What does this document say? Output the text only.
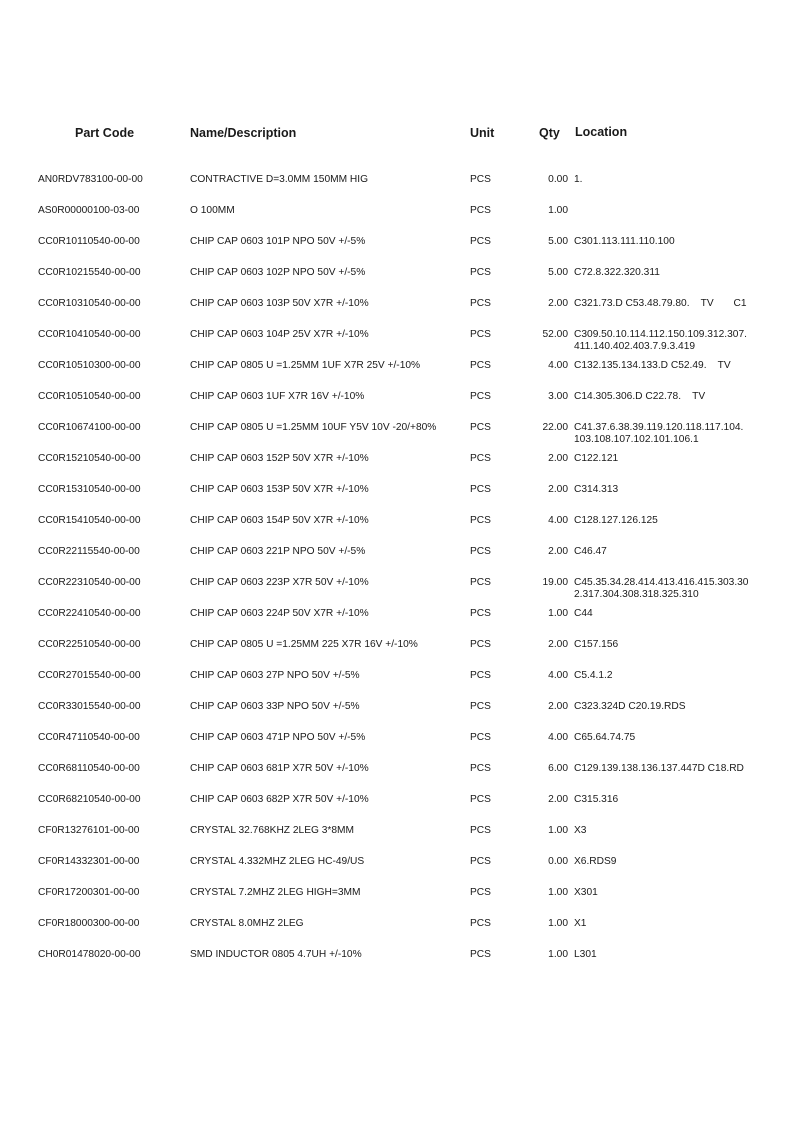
Part Code	Name/Description	Unit	Qty Location
AN0RDV783100-00-00	CONTRACTIVE D=3.0MM 150MM HIG	PCS	0.00 1.
AS0R00000100-03-00	O 100MM	PCS	1.00
CC0R10110540-00-00	CHIP CAP 0603 101P NPO 50V +/-5%	PCS	5.00 C301.113.111.110.100
CC0R10215540-00-00	CHIP CAP 0603 102P NPO 50V +/-5%	PCS	5.00 C72.8.322.320.311
CC0R10310540-00-00	CHIP CAP 0603 103P 50V X7R +/-10%	PCS	2.00 C321.73.D C53.48.79.80.    TV       C1
CC0R10410540-00-00	CHIP CAP 0603 104P 25V X7R +/-10%	PCS	52.00 C309.50.10.114.112.150.109.312.307.
411.140.402.403.7.9.3.419
CC0R10510300-00-00	CHIP CAP 0805 U =1.25MM 1UF X7R 25V +/-10%	PCS	4.00 C132.135.134.133.D C52.49.    TV
CC0R10510540-00-00	CHIP CAP 0603 1UF X7R 16V +/-10%	PCS	3.00 C14.305.306.D C22.78.    TV
CC0R10674100-00-00	CHIP CAP 0805 U =1.25MM 10UF Y5V 10V -20/+80%	PCS	22.00 C41.37.6.38.39.119.120.118.117.104.
103.108.107.102.101.106.1
CC0R15210540-00-00	CHIP CAP 0603 152P 50V X7R +/-10%	PCS	2.00 C122.121
CC0R15310540-00-00	CHIP CAP 0603 153P 50V X7R +/-10%	PCS	2.00 C314.313
CC0R15410540-00-00	CHIP CAP 0603 154P 50V X7R +/-10%	PCS	4.00 C128.127.126.125
CC0R22115540-00-00	CHIP CAP 0603 221P NPO 50V +/-5%	PCS	2.00 C46.47
CC0R22310540-00-00	CHIP CAP 0603 223P X7R 50V +/-10%	PCS	19.00 C45.35.34.28.414.413.416.415.303.30
2.317.304.308.318.325.310
CC0R22410540-00-00	CHIP CAP 0603 224P 50V X7R +/-10%	PCS	1.00 C44
CC0R22510540-00-00	CHIP CAP 0805 U =1.25MM 225 X7R 16V +/-10%	PCS	2.00 C157.156
CC0R27015540-00-00	CHIP CAP 0603 27P NPO 50V +/-5%	PCS	4.00 C5.4.1.2
CC0R33015540-00-00	CHIP CAP 0603 33P NPO 50V +/-5%	PCS	2.00 C323.324D C20.19.RDS
CC0R47110540-00-00	CHIP CAP 0603 471P NPO 50V +/-5%	PCS	4.00 C65.64.74.75
CC0R68110540-00-00	CHIP CAP 0603 681P X7R 50V +/-10%	PCS	6.00 C129.139.138.136.137.447D C18.RD
CC0R68210540-00-00	CHIP CAP 0603 682P X7R 50V +/-10%	PCS	2.00 C315.316
CF0R13276101-00-00	CRYSTAL 32.768KHZ 2LEG 3*8MM	PCS	1.00 X3
CF0R14332301-00-00	CRYSTAL 4.332MHZ 2LEG HC-49/US	PCS	0.00 X6.RDS9
CF0R17200301-00-00	CRYSTAL 7.2MHZ 2LEG HIGH=3MM	PCS	1.00 X301
CF0R18000300-00-00	CRYSTAL 8.0MHZ 2LEG	PCS	1.00 X1
CH0R01478020-00-00	SMD INDUCTOR 0805 4.7UH +/-10%	PCS	1.00 L301
